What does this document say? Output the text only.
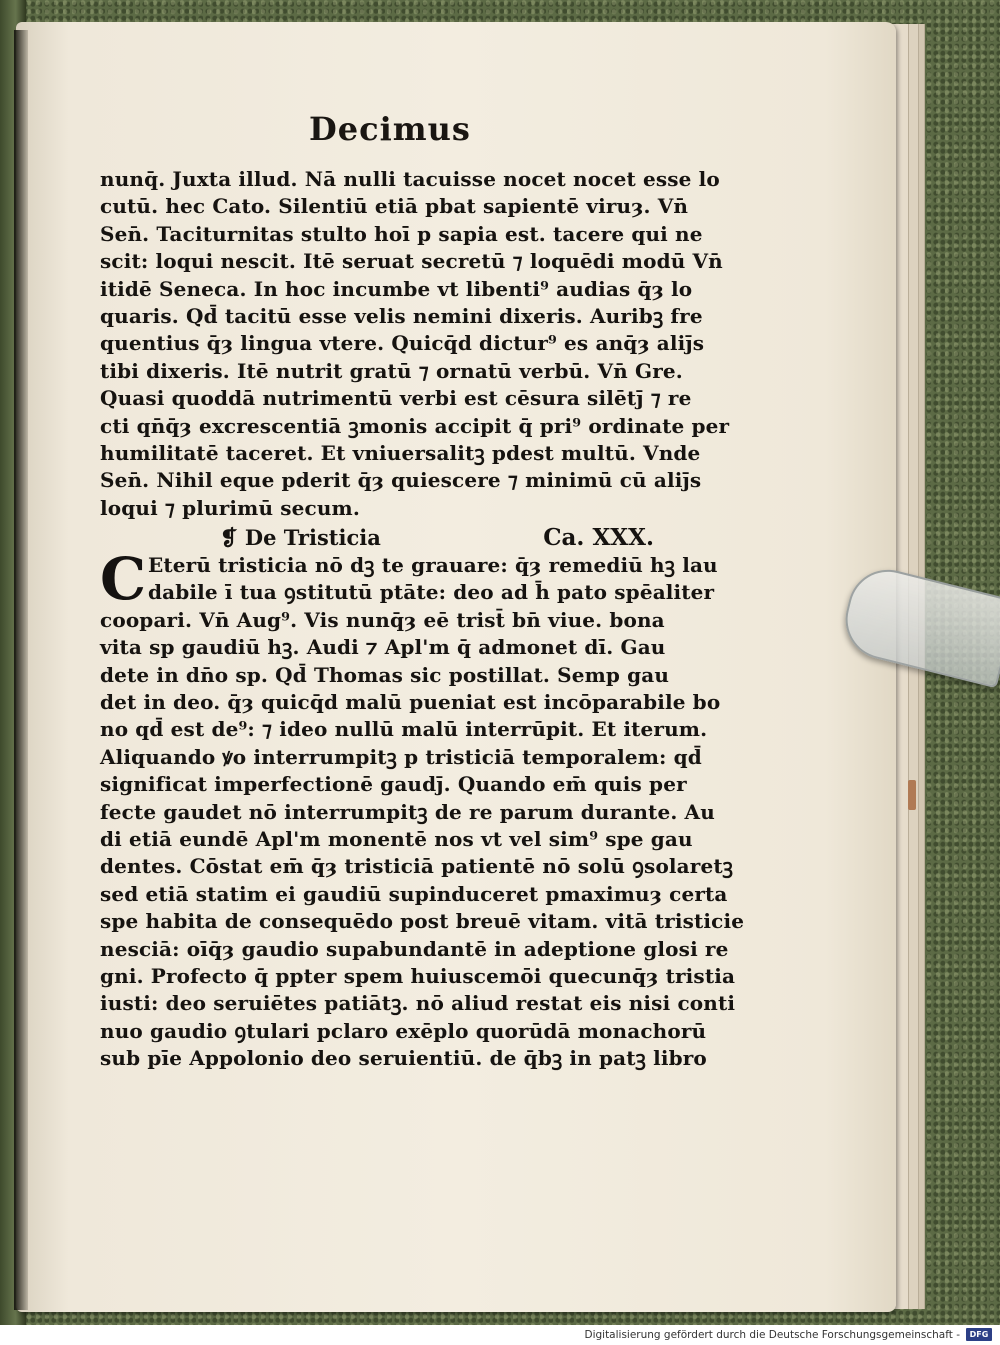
Decimus
nunq̄. Juxta illud. Nā nulli tacuisse nocet nocet esse lo
cutū. hec Cato. Silentiū etiā pbat sapientē viruȝ. Vn̄
Sen̄. Taciturnitas stulto hoī p sapia est. tacere qui ne
scit: loqui nescit. Itē seruat secretū ⁊ loquēdi modū Vn̄
itidē Seneca. In hoc incumbe vt libenti⁹ audias q̄ȝ lo
quaris. Qd̄ tacitū esse velis nemini dixeris. Auribꝫ fre
quentius q̄ȝ lingua vtere. Quicq̄d dictur⁹ es anq̄ȝ aliȷ̄s
tibi dixeris. Itē nutrit gratū ⁊ ornatū verbū. Vn̄ Gre.
Quasi quoddā nutrimentū verbi est cēsura silētȷ̄ ⁊ re
cti qn̄q̄ȝ excrescentiā ꝫmonis accipit q̄ pri⁹ ordinate per
humilitatē taceret. Et vniuersalitꝫ pdest multū. Vnde
Sen̄. Nihil eque pderit q̄ȝ quiescere ⁊ minimū cū aliȷ̄s
loqui ⁊ plurimū secum.
❡ De Tristicia	Ca. XXX.
C Eterū tristicia nō dꝫ te grauare: q̄ȝ remediū hꝫ lau
dabile ī tua ꝯstitutū ptāte: deo ad h̄ pato spēaliter
coopari. Vn̄ Aug⁹. Vis nunq̄ȝ eē trist̄ bn̄ viue. bona
vita sp gaudiū hꝫ. Audi ⁊ Apl'm q̄ admonet dī. Gau
dete in dn̄o sp. Qd̄ Thomas sic postillat. Semp gau
det in deo. q̄ȝ quicq̄d malū pueniat est incōparabile bo
no qd̄ est de⁹: ⁊ ideo nullū malū interrūpit. Et iterum.
Aliquando ꝟo interrumpitꝫ p tristiciā temporalem: qd̄
significat imperfectionē gaudȷ̄. Quando em̄ quis per
fecte gaudet nō interrumpitꝫ de re parum durante. Au
di etiā eundē Apl'm monentē nos vt vel sim⁹ spe gau
dentes. Cōstat em̄ q̄ȝ tristiciā patientē nō solū ꝯsolaretꝫ
sed etiā statim ei gaudiū supinduceret pmaximuȝ certa
spe habita de consequēdo post breuē vitam. vitā tristicie
nesciā: oīq̄ȝ gaudio supabundantē in adeptione glosi re
gni. Profecto q̄ ppter spem huiuscemōi quecunq̄ȝ tristia
iusti: deo seruiētes patiātꝫ. nō aliud restat eis nisi conti
nuo gaudio ꝯtulari pclaro exēplo quorūdā monachorū
sub pīe Appolonio deo seruientiū. de q̄bꝫ in patꝫ libro
Digitalisierung gefördert durch die Deutsche Forschungsgemeinschaft -	DFG
